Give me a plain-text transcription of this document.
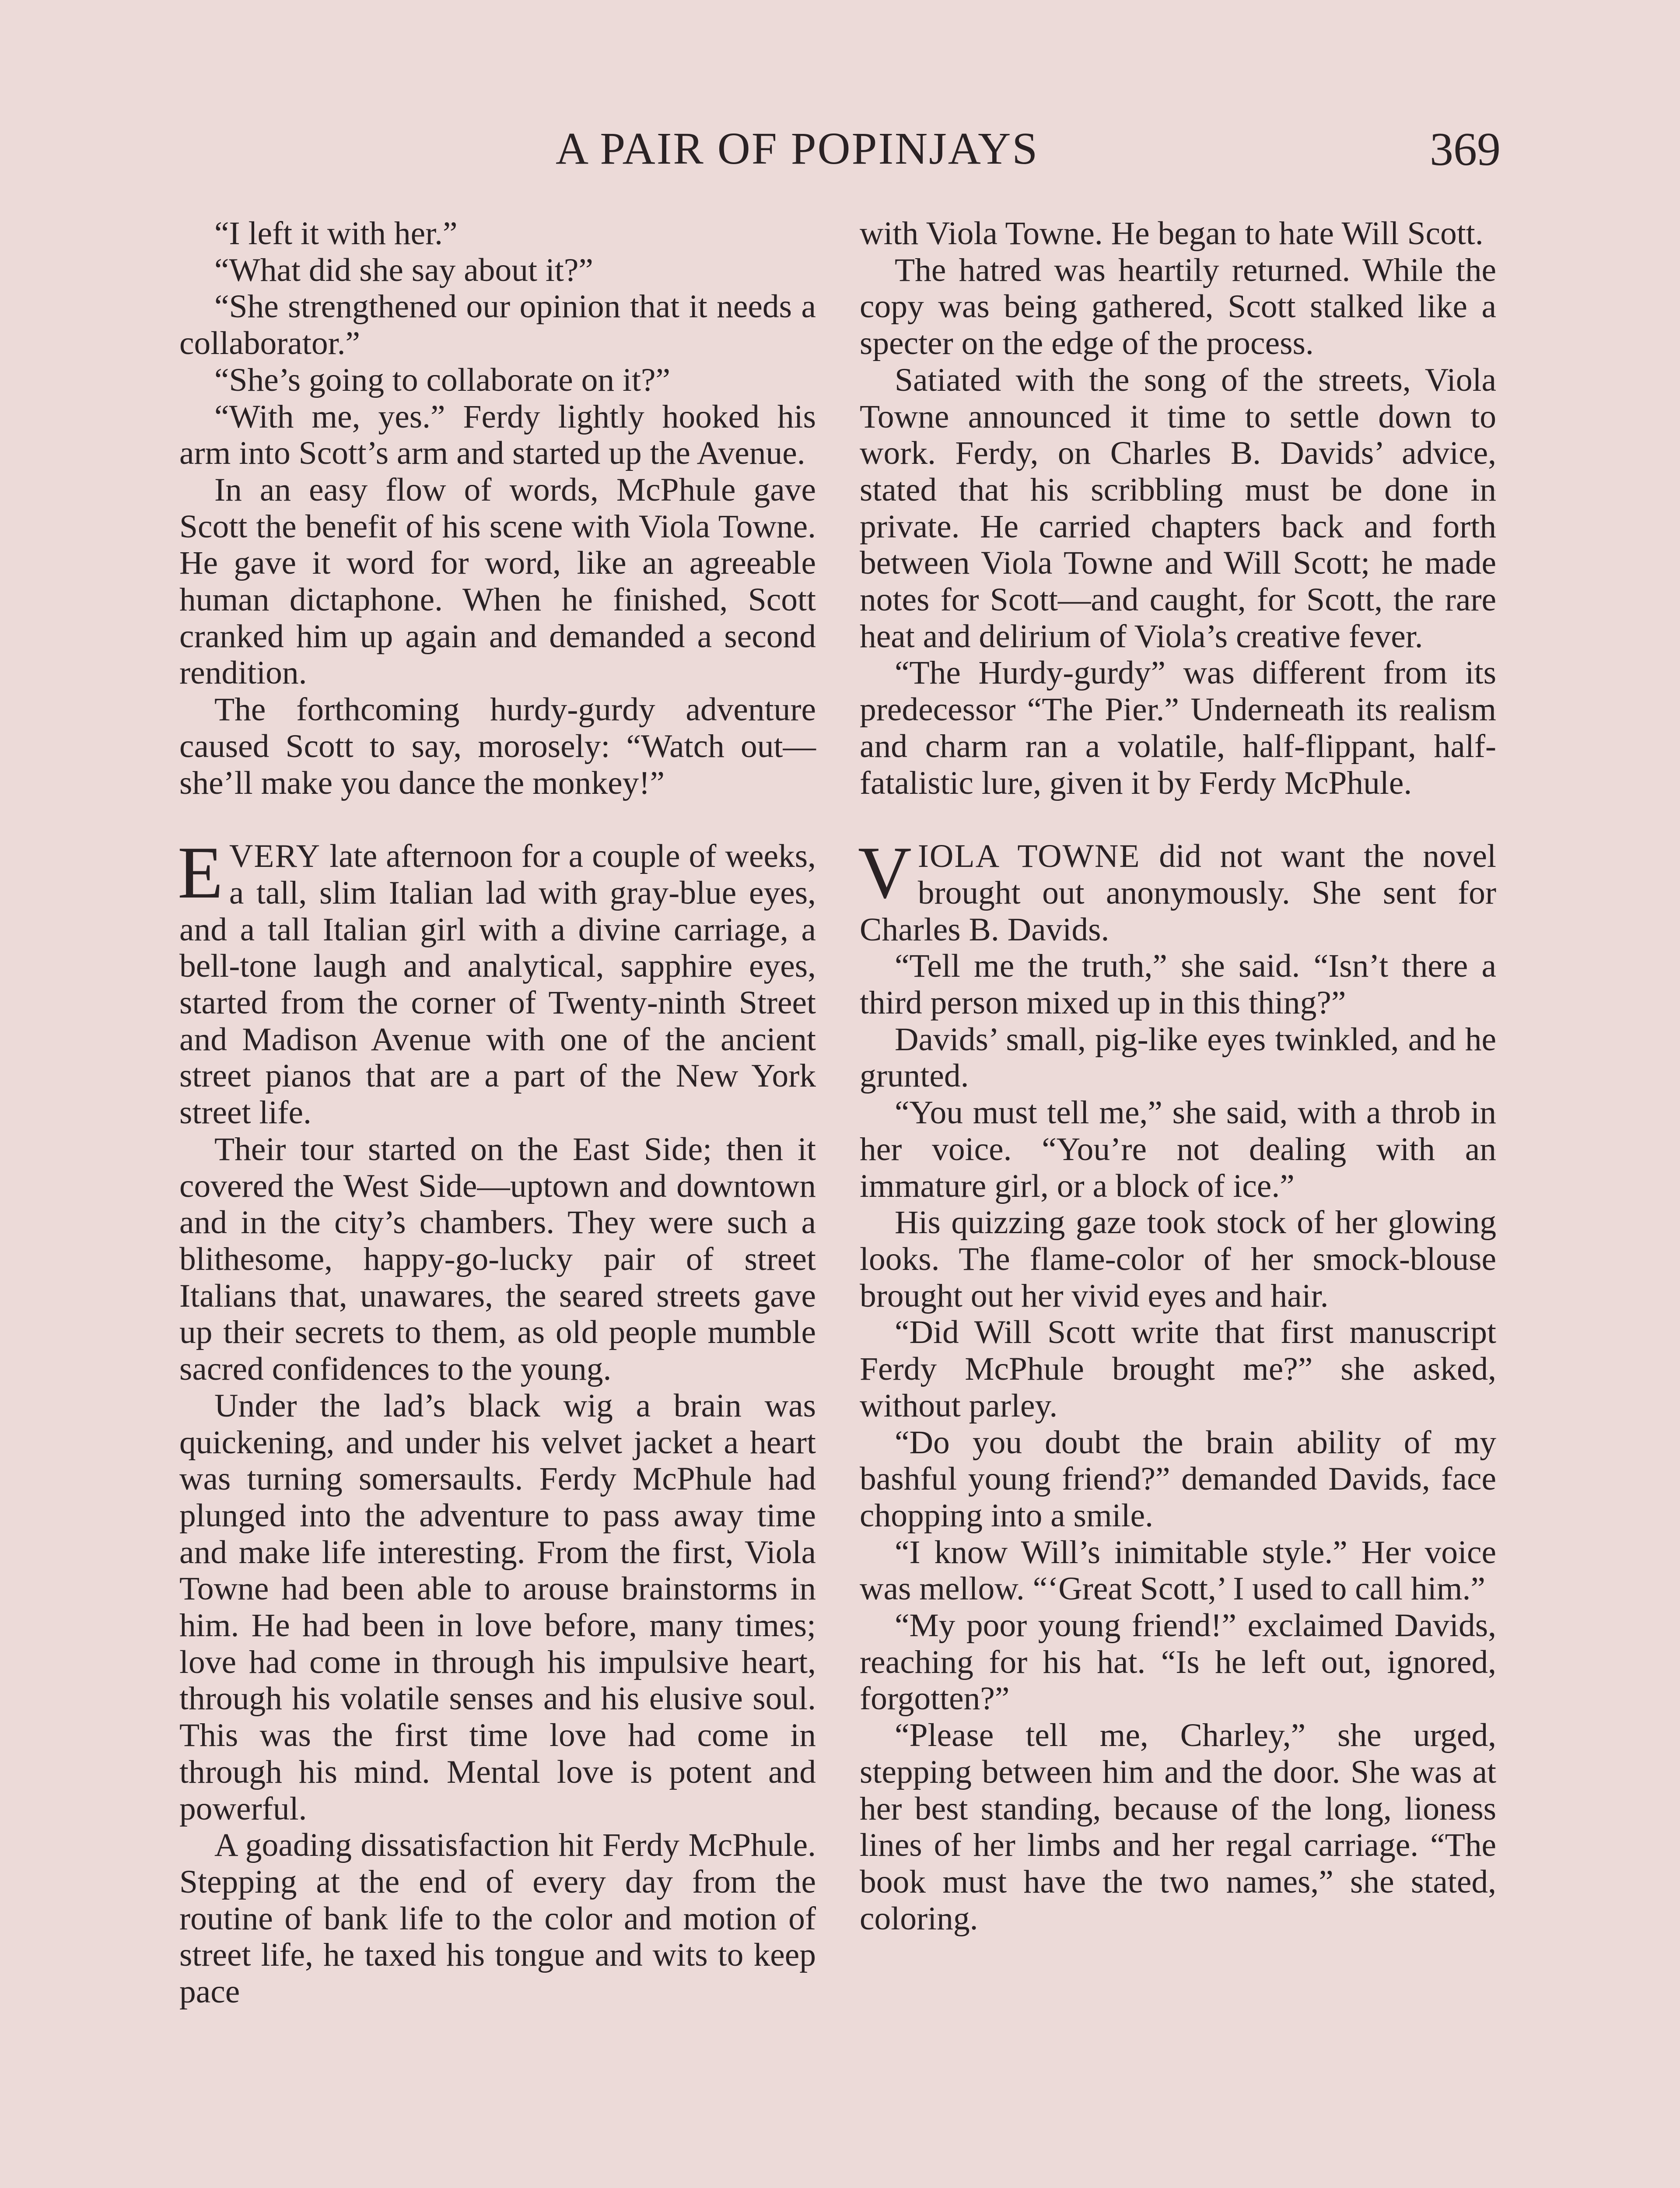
A PAIR OF POPINJAYS	369

“I left it with her.”

“What did she say about it?”

“She strengthened our opinion that it needs a collaborator.”

“She’s going to collaborate on it?”

“With me, yes.” Ferdy lightly hooked his arm into Scott’s arm and started up the Avenue.

In an easy flow of words, McPhule gave Scott the benefit of his scene with Viola Towne. He gave it word for word, like an agreeable human dictaphone. When he finished, Scott cranked him up again and demanded a second rendition.

The forthcoming hurdy-gurdy adventure caused Scott to say, morosely: “Watch out—she’ll make you dance the monkey!”

EVERY late afternoon for a couple of weeks, a tall, slim Italian lad with gray-blue eyes, and a tall Italian girl with a divine carriage, a bell-tone laugh and analytical, sapphire eyes, started from the corner of Twenty-ninth Street and Madison Avenue with one of the ancient street pianos that are a part of the New York street life.

Their tour started on the East Side; then it covered the West Side—uptown and downtown and in the city’s chambers. They were such a blithesome, happy-go-lucky pair of street Italians that, unawares, the seared streets gave up their secrets to them, as old people mumble sacred confidences to the young.

Under the lad’s black wig a brain was quickening, and under his velvet jacket a heart was turning somersaults. Ferdy McPhule had plunged into the adventure to pass away time and make life interesting. From the first, Viola Towne had been able to arouse brainstorms in him. He had been in love before, many times; love had come in through his impulsive heart, through his volatile senses and his elusive soul. This was the first time love had come in through his mind. Mental love is potent and powerful.

A goading dissatisfaction hit Ferdy McPhule. Stepping at the end of every day from the routine of bank life to the color and motion of street life, he taxed his tongue and wits to keep pace

with Viola Towne. He began to hate Will Scott.

The hatred was heartily returned. While the copy was being gathered, Scott stalked like a specter on the edge of the process.

Satiated with the song of the streets, Viola Towne announced it time to settle down to work. Ferdy, on Charles B. Davids’ advice, stated that his scribbling must be done in private. He carried chapters back and forth between Viola Towne and Will Scott; he made notes for Scott—and caught, for Scott, the rare heat and delirium of Viola’s creative fever.

“The Hurdy-gurdy” was different from its predecessor “The Pier.” Underneath its realism and charm ran a volatile, half-flippant, half-fatalistic lure, given it by Ferdy McPhule.

VIOLA TOWNE did not want the novel brought out anonymously. She sent for Charles B. Davids.

“Tell me the truth,” she said. “Isn’t there a third person mixed up in this thing?”

Davids’ small, pig-like eyes twinkled, and he grunted.

“You must tell me,” she said, with a throb in her voice. “You’re not dealing with an immature girl, or a block of ice.”

His quizzing gaze took stock of her glowing looks. The flame-color of her smock-blouse brought out her vivid eyes and hair.

“Did Will Scott write that first manuscript Ferdy McPhule brought me?” she asked, without parley.

“Do you doubt the brain ability of my bashful young friend?” demanded Davids, face chopping into a smile.

“I know Will’s inimitable style.” Her voice was mellow. “‘Great Scott,’ I used to call him.”

“My poor young friend!” exclaimed Davids, reaching for his hat. “Is he left out, ignored, forgotten?”

“Please tell me, Charley,” she urged, stepping between him and the door. She was at her best standing, because of the long, lioness lines of her limbs and her regal carriage. “The book must have the two names,” she stated, coloring.
